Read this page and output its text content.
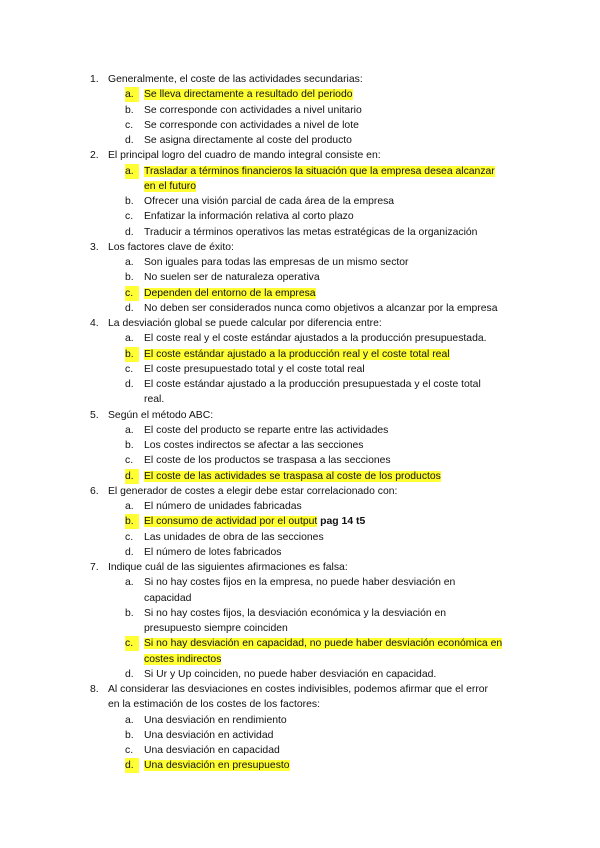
1. Generalmente, el coste de las actividades secundarias:
a. Se lleva directamente a resultado del periodo
b. Se corresponde con actividades a nivel unitario
c.	Se corresponde con actividades a nivel de lote
d. Se asigna directamente al coste del producto
2. El principal logro del cuadro de mando integral consiste en:
a. Trasladar a términos financieros la situación que la empresa desea alcanzar
en el futuro
b. Ofrecer una visión parcial de cada área de la empresa
c.	Enfatizar la información relativa al corto plazo
d. Traducir a términos operativos las metas estratégicas de la organización
3. Los factores clave de éxito:
a. Son iguales para todas las empresas de un mismo sector
b. No suelen ser de naturaleza operativa
c.	Dependen del entorno de la empresa
d. No deben ser considerados nunca como objetivos a alcanzar por la empresa
4. La desviación global se puede calcular por diferencia entre:
a. El coste real y el coste estándar ajustados a la producción presupuestada.
b. El coste estándar ajustado a la producción real y el coste total real
c.	El coste presupuestado total y el coste total real
d. El coste estándar ajustado a la producción presupuestada y el coste total
real.
5. Según el método ABC:
a. El coste del producto se reparte entre las actividades
b. Los costes indirectos se afectar a las secciones
c.	El coste de los productos se traspasa a las secciones
d. El coste de las actividades se traspasa al coste de los productos
6. El generador de costes a elegir debe estar correlacionado con:
a. El número de unidades fabricadas
b. El consumo de actividad por el output pag 14 t5
c.	Las unidades de obra de las secciones
d. El número de lotes fabricados
7. Indique cuál de las siguientes afirmaciones es falsa:
a. Si no hay costes fijos en la empresa, no puede haber desviación en
capacidad
b. Si no hay costes fijos, la desviación económica y la desviación en
presupuesto siempre coinciden
c.	Si no hay desviación en capacidad, no puede haber desviación económica en
costes indirectos
d. Si Ur y Up coinciden, no puede haber desviación en capacidad.
8. Al considerar las desviaciones en costes indivisibles, podemos afirmar que el error
en la estimación de los costes de los factores:
a. Una desviación en rendimiento
b. Una desviación en actividad
c.	Una desviación en capacidad
d. Una desviación en presupuesto
